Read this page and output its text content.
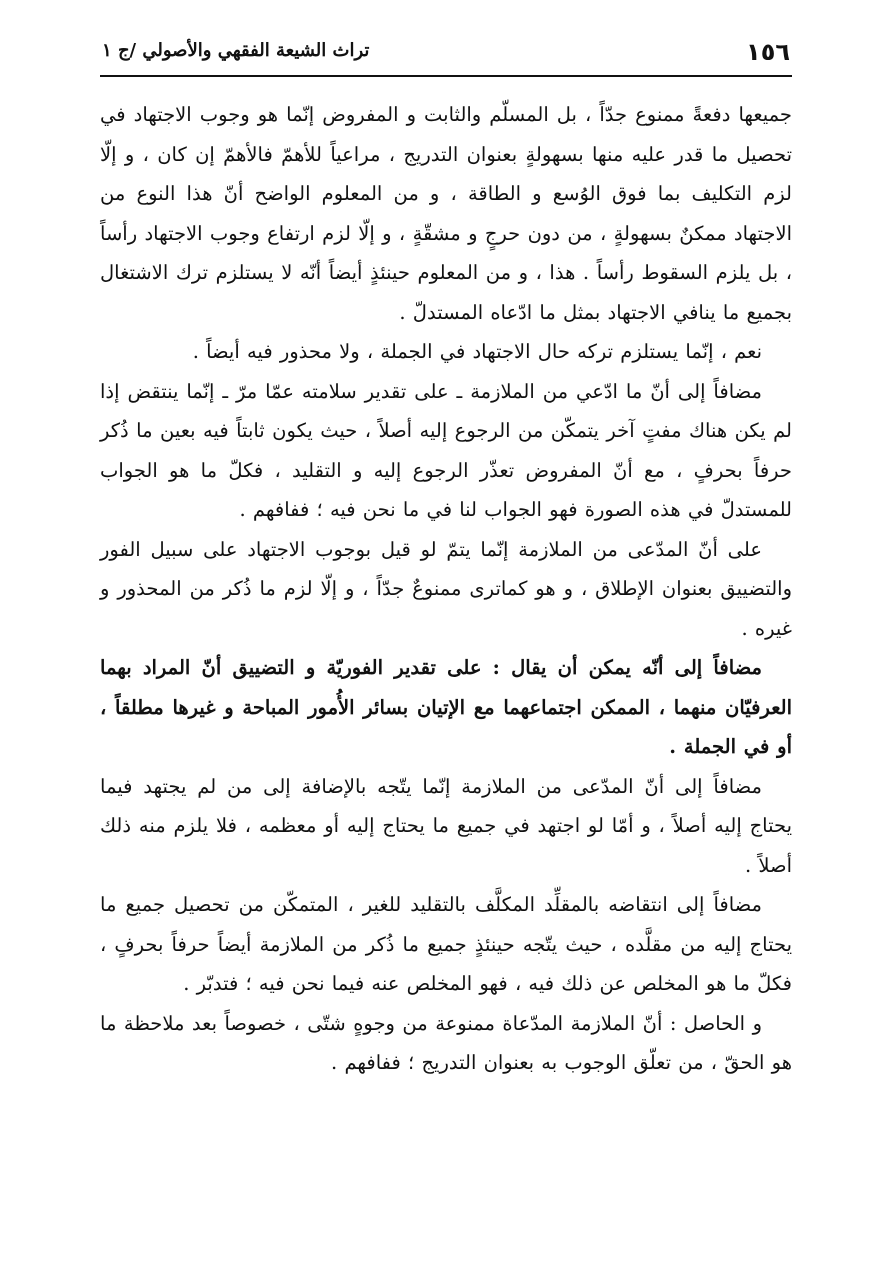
١٥٦
تراث الشيعة الفقهي والأصولي /ج ١

جميعها دفعةً ممنوع جدّاً ، بل المسلّم والثابت و المفروض إنّما هو وجوب الاجتهاد في تحصيل ما قدر عليه منها بسهولةٍ بعنوان التدريج ، مراعياً للأهمّ فالأهمّ إن كان ، و إلّا لزم التكليف بما فوق الوُسع و الطاقة ، و من المعلوم الواضح أنّ هذا النوع من الاجتهاد ممكنٌ بسهولةٍ ، من دون حرجٍ و مشقّةٍ ، و إلّا لزم ارتفاع وجوب الاجتهاد رأساً ، بل يلزم السقوط رأساً . هذا ، و من المعلوم حينئذٍ أيضاً أنّه لا يستلزم ترك الاشتغال بجميع ما ينافي الاجتهاد بمثل ما ادّعاه المستدلّ .

نعم ، إنّما يستلزم تركه حال الاجتهاد في الجملة ، ولا محذور فيه أيضاً .

مضافاً إلى أنّ ما ادّعي من الملازمة ـ على تقدير سلامته عمّا مرّ ـ إنّما ينتقض إذا لم يكن هناك مفتٍ آخر يتمكّن من الرجوع إليه أصلاً ، حيث يكون ثابتاً فيه بعين ما ذُكر حرفاً بحرفٍ ، مع أنّ المفروض تعذّر الرجوع إليه و التقليد ، فكلّ ما هو الجواب للمستدلّ في هذه الصورة فهو الجواب لنا في ما نحن فيه ؛ ففافهم .

على أنّ المدّعى من الملازمة إنّما يتمّ لو قيل بوجوب الاجتهاد على سبيل الفور والتضييق بعنوان الإطلاق ، و هو كماترى ممنوعٌ جدّاً ، و إلّا لزم ما ذُكر من المحذور و غيره .

مضافاً إلى أنّه يمكن أن يقال : على تقدير الفوريّة و التضييق أنّ المراد بهما العرفيّان منهما ، الممكن اجتماعهما مع الإتيان بسائر الأُمور المباحة و غيرها مطلقاً ، أو في الجملة .

مضافاً إلى أنّ المدّعى من الملازمة إنّما يتّجه بالإضافة إلى من لم يجتهد فيما يحتاج إليه أصلاً ، و أمّا لو اجتهد في جميع ما يحتاج إليه أو معظمه ، فلا يلزم منه ذلك أصلاً .

مضافاً إلى انتقاضه بالمقلِّد المكلَّف بالتقليد للغير ، المتمكّن من تحصيل جميع ما يحتاج إليه من مقلَّده ، حيث يتّجه حينئذٍ جميع ما ذُكر من الملازمة أيضاً حرفاً بحرفٍ ، فكلّ ما هو المخلص عن ذلك فيه ، فهو المخلص عنه فيما نحن فيه ؛ فتدبّر .

و الحاصل : أنّ الملازمة المدّعاة ممنوعة من وجوهٍ شتّى ، خصوصاً بعد ملاحظة ما هو الحقّ ، من تعلّق الوجوب به بعنوان التدريج ؛ ففافهم .
